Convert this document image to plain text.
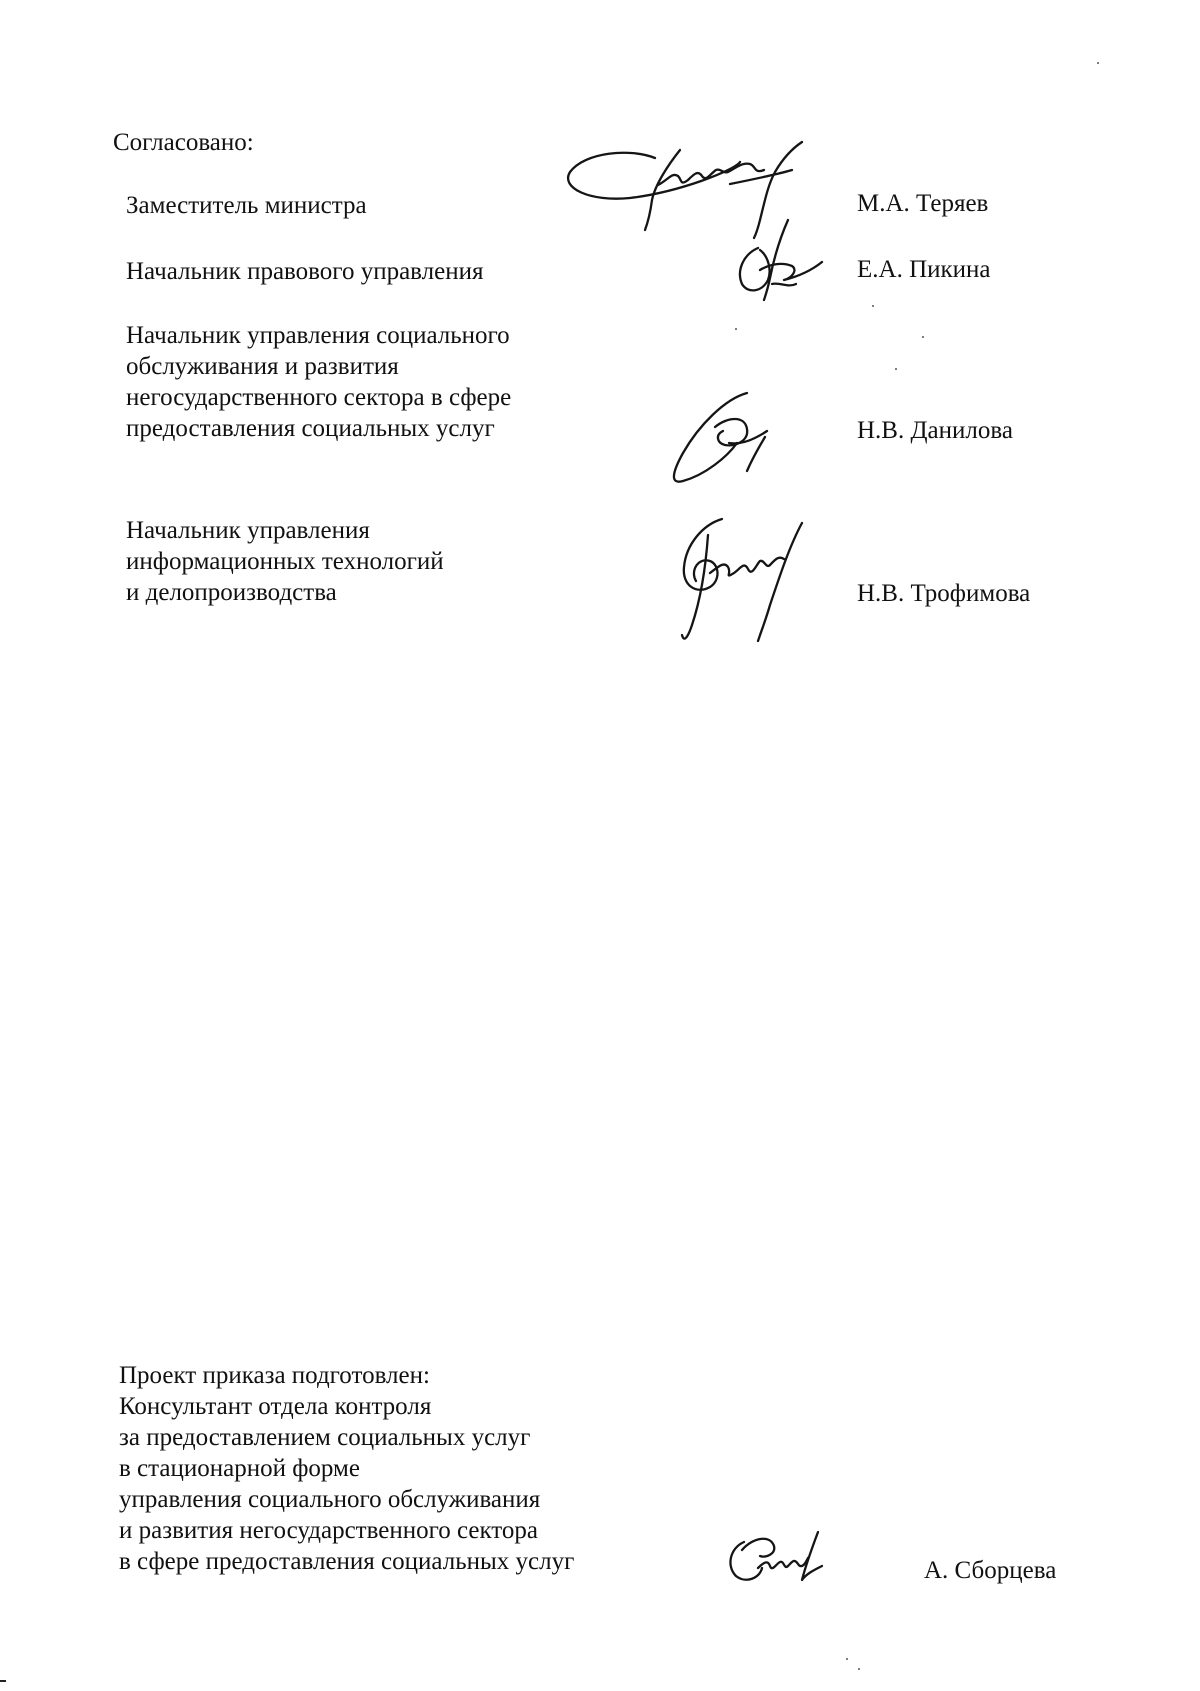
Согласовано:

Заместитель министра	М.А. Теряев

Начальник правового управления	Е.А. Пикина

Начальник управления социального
обслуживания и развития
негосударственного сектора в сфере
предоставления социальных услуг	Н.В. Данилова

Начальник управления
информационных технологий
и делопроизводства	Н.В. Трофимова

Проект приказа подготовлен:
Консультант отдела контроля
за предоставлением социальных услуг
в стационарной форме
управления социального обслуживания
и развития негосударственного сектора
в сфере предоставления социальных услуг	А. Сборцева
